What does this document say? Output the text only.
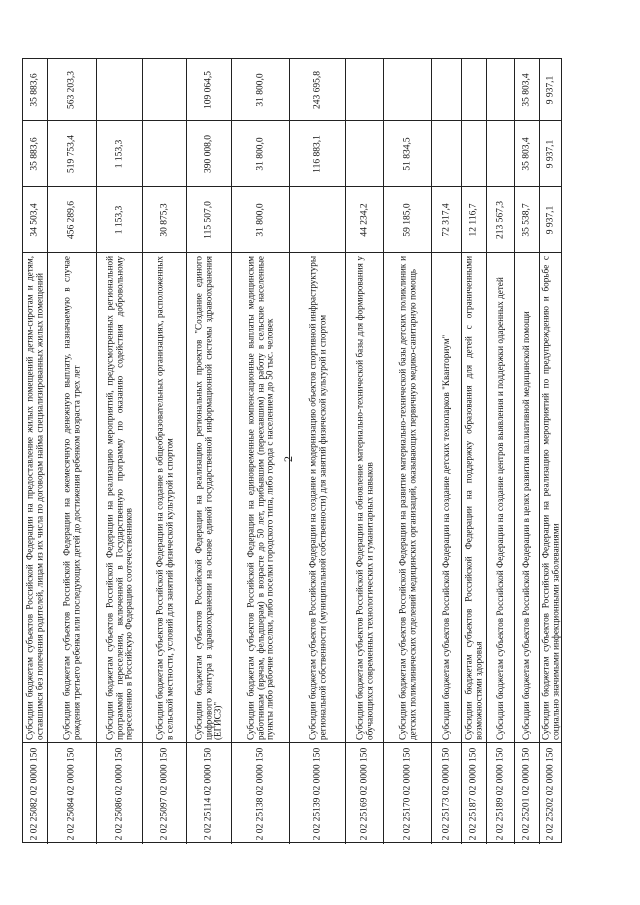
2
35 883,6
35 883,6
34 503,4
Субсидии бюджетам субъектов Российской Федерации на предоставление жилых помещений детям-сиротам и детям, оставшимся без попечения родителей, лицам из их числа по договорам найма специализированных жилых помещений
2 02 25082 02 0000 150
563 203,3
519 753,4
456 289,6
Субсидии бюджетам субъектов Российской Федерации на ежемесячную денежную выплату, назначаемую в случае рождения третьего ребенка или последующих детей до достижения ребенком возраста трех лет
2 02 25084 02 0000 150
1 153,3
1 153,3
Субсидии бюджетам субъектов Российской Федерации на реализацию мероприятий, предусмотренных региональной программой переселения, включенной в Государственную программу по оказанию содействия добровольному переселению в Российскую Федерацию соотечественников
2 02 25086 02 0000 150
30 875,3
Субсидии бюджетам субъектов Российской Федерации на создание в общеобразовательных организациях, расположенных в сельской местности, условий для занятий физической культурой и спортом
2 02 25097 02 0000 150
109 064,5
390 008,0
115 507,0
Субсидии бюджетам субъектов Российской Федерации на реализацию региональных проектов "Создание единого цифрового контура в здравоохранении на основе единой государственной информационной системы здравоохранения (ЕГИСЗ)"
2 02 25114 02 0000 150
31 800,0
31 800,0
31 800,0
Субсидии бюджетам субъектов Российской Федерации на единовременные компенсационные выплаты медицинским работникам (врачам, фельдшерам) в возрасте до 50 лет, прибывшим (переехавшим) на работу в сельские населенные пункты либо рабочие поселки, либо поселки городского типа, либо города с населением до 50 тыс. человек
2 02 25138 02 0000 150
243 695,8
116 883,1
Субсидии бюджетам субъектов Российской Федерации на создание и модернизацию объектов спортивной инфраструктуры региональной собственности (муниципальной собственности) для занятий физической культурой и спортом
2 02 25139 02 0000 150
44 234,2
Субсидии бюджетам субъектов Российской Федерации на обновление материально-технической базы для формирования у обучающихся современных технологических и гуманитарных навыков
2 02 25169 02 0000 150
51 834,5
59 185,0
Субсидии бюджетам субъектов Российской Федерации на развитие материально-технической базы детских поликлиник и детских поликлинических отделений медицинских организаций, оказывающих первичную медико-санитарную помощь
2 02 25170 02 0000 150
72 317,4
Субсидии бюджетам субъектов Российской Федерации на создание детских технопарков "Кванториум"
2 02 25173 02 0000 150
12 116,7
Субсидии бюджетам субъектов Российской Федерации на поддержку образования для детей с ограниченными возможностями здоровья
2 02 25187 02 0000 150
213 567,3
Субсидии бюджетам субъектов Российской Федерации на создание центров выявления и поддержки одаренных детей
2 02 25189 02 0000 150
35 803,4
35 803,4
35 538,7
Субсидии бюджетам субъектов Российской Федерации в целях развития паллиативной медицинской помощи
2 02 25201 02 0000 150
9 937,1
9 937,1
9 937,1
Субсидии бюджетам субъектов Российской Федерации на реализацию мероприятий по предупреждению и борьбе с социально значимыми инфекционными заболеваниями
2 02 25202 02 0000 150
